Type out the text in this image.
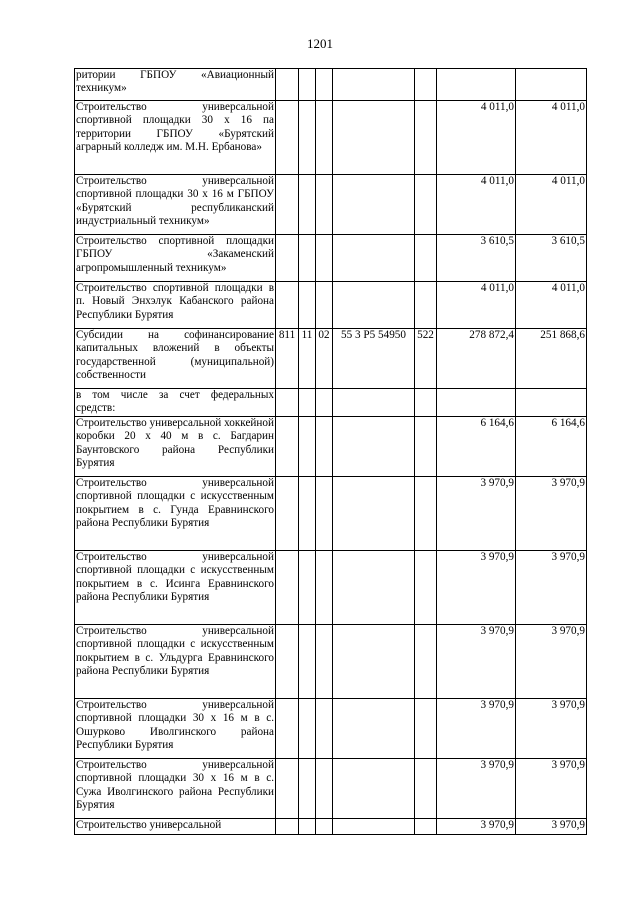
1201
ритории ГБПОУ «Авиационный техникум»							
Строительство универсальной спортивной площадки 30 х 16 па территории ГБПОУ «Бурятский аграрный колледж им. М.Н. Ербанова»						4 011,0	4 011,0
Строительство универсальной спортивной площадки 30 х 16 м ГБПОУ «Бурятский республиканский индустриальный техникум»						4 011,0	4 011,0
Строительство спортивной площадки ГБПОУ «Закаменский агропромышленный техникум»						3 610,5	3 610,5
Строительство спортивной площадки в п. Новый Энхэлук Кабанского района Республики Бурятия						4 011,0	4 011,0
Субсидии на софинансирование капитальных вложений в объекты государственной (муниципальной) собственности	811	11	02	55 3 P5 54950	522	278 872,4	251 868,6
в том числе за счет федеральных средств:							
Строительство универсальной хоккейной коробки 20 х 40 м в с. Багдарин Баунтовского района Республики Бурятия						6 164,6	6 164,6
Строительство универсальной спортивной площадки с искусственным покрытием в с. Гунда Еравнинского района Республики Бурятия						3 970,9	3 970,9
Строительство универсальной спортивной площадки с искусственным покрытием в с. Исинга Еравнинского района Республики Бурятия						3 970,9	3 970,9
Строительство универсальной спортивной площадки с искусственным покрытием в с. Ульдурга Еравнинского района Республики Бурятия						3 970,9	3 970,9
Строительство универсальной спортивной площадки 30 х 16 м в с. Ошурково Иволгинского района Республики Бурятия						3 970,9	3 970,9
Строительство универсальной спортивной площадки 30 х 16 м в с. Сужа Иволгинского района Республики Бурятия						3 970,9	3 970,9
Строительство универсальной						3 970,9	3 970,9
